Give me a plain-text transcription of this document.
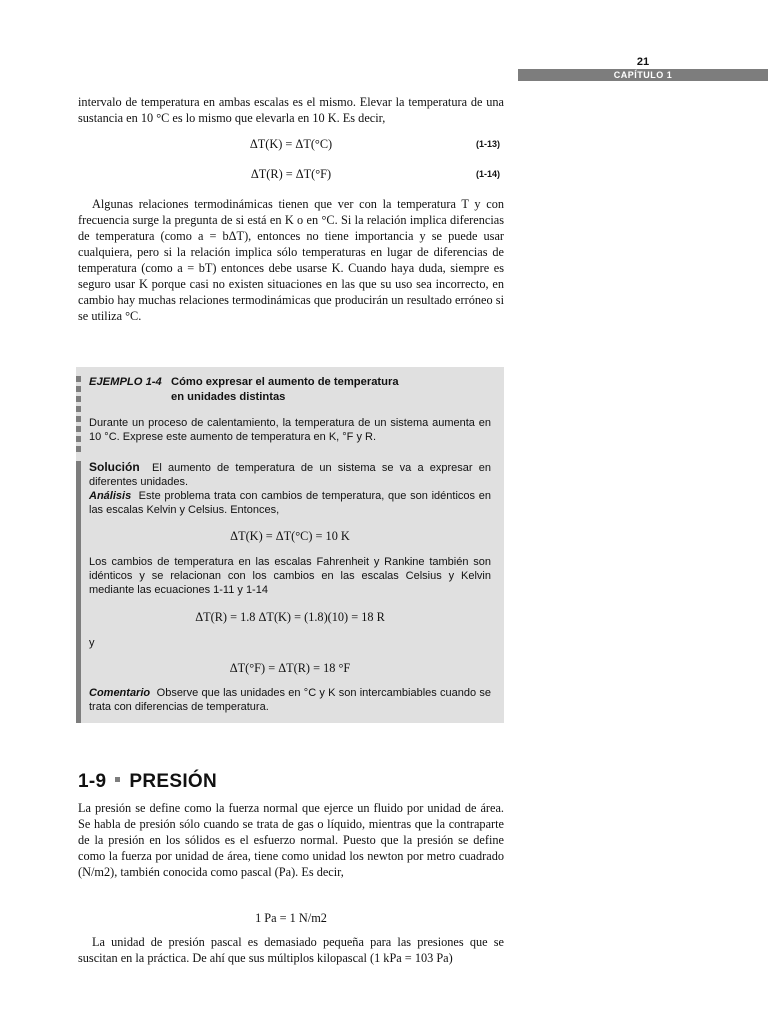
21
CAPÍTULO 1

intervalo de temperatura en ambas escalas es el mismo. Elevar la temperatura de una sustancia en 10 °C es lo mismo que elevarla en 10 K. Es decir,

ΔT(K) = ΔT(°C)	(1-13)
ΔT(R) = ΔT(°F)	(1-14)

Algunas relaciones termodinámicas tienen que ver con la temperatura T y con frecuencia surge la pregunta de si está en K o en °C. Si la relación implica diferencias de temperatura (como a = bΔT), entonces no tiene importancia y se puede usar cualquiera, pero si la relación implica sólo temperaturas en lugar de diferencias de temperatura (como a = bT) entonces debe usarse K. Cuando haya duda, siempre es seguro usar K porque casi no existen situaciones en las que su uso sea incorrecto, en cambio hay muchas relaciones termodinámicas que producirán un resultado erróneo si se utiliza °C.

EJEMPLO 1-4 Cómo expresar el aumento de temperatura
en unidades distintas

Durante un proceso de calentamiento, la temperatura de un sistema aumenta en 10 °C. Exprese este aumento de temperatura en K, °F y R.

Solución El aumento de temperatura de un sistema se va a expresar en diferentes unidades.

Análisis Este problema trata con cambios de temperatura, que son idénticos en las escalas Kelvin y Celsius. Entonces,

ΔT(K) = ΔT(°C) = 10 K

Los cambios de temperatura en las escalas Fahrenheit y Rankine también son idénticos y se relacionan con los cambios en las escalas Celsius y Kelvin mediante las ecuaciones 1-11 y 1-14

ΔT(R) = 1.8 ΔT(K) = (1.8)(10) = 18 R
y
ΔT(°F) = ΔT(R) = 18 °F

Comentario Observe que las unidades en °C y K son intercambiables cuando se trata con diferencias de temperatura.

1-9 PRESIÓN

La presión se define como la fuerza normal que ejerce un fluido por unidad de área. Se habla de presión sólo cuando se trata de gas o líquido, mientras que la contraparte de la presión en los sólidos es el esfuerzo normal. Puesto que la presión se define como la fuerza por unidad de área, tiene como unidad los newton por metro cuadrado (N/m2), también conocida como pascal (Pa). Es decir,

1 Pa = 1 N/m2

La unidad de presión pascal es demasiado pequeña para las presiones que se suscitan en la práctica. De ahí que sus múltiplos kilopascal (1 kPa = 103 Pa)
